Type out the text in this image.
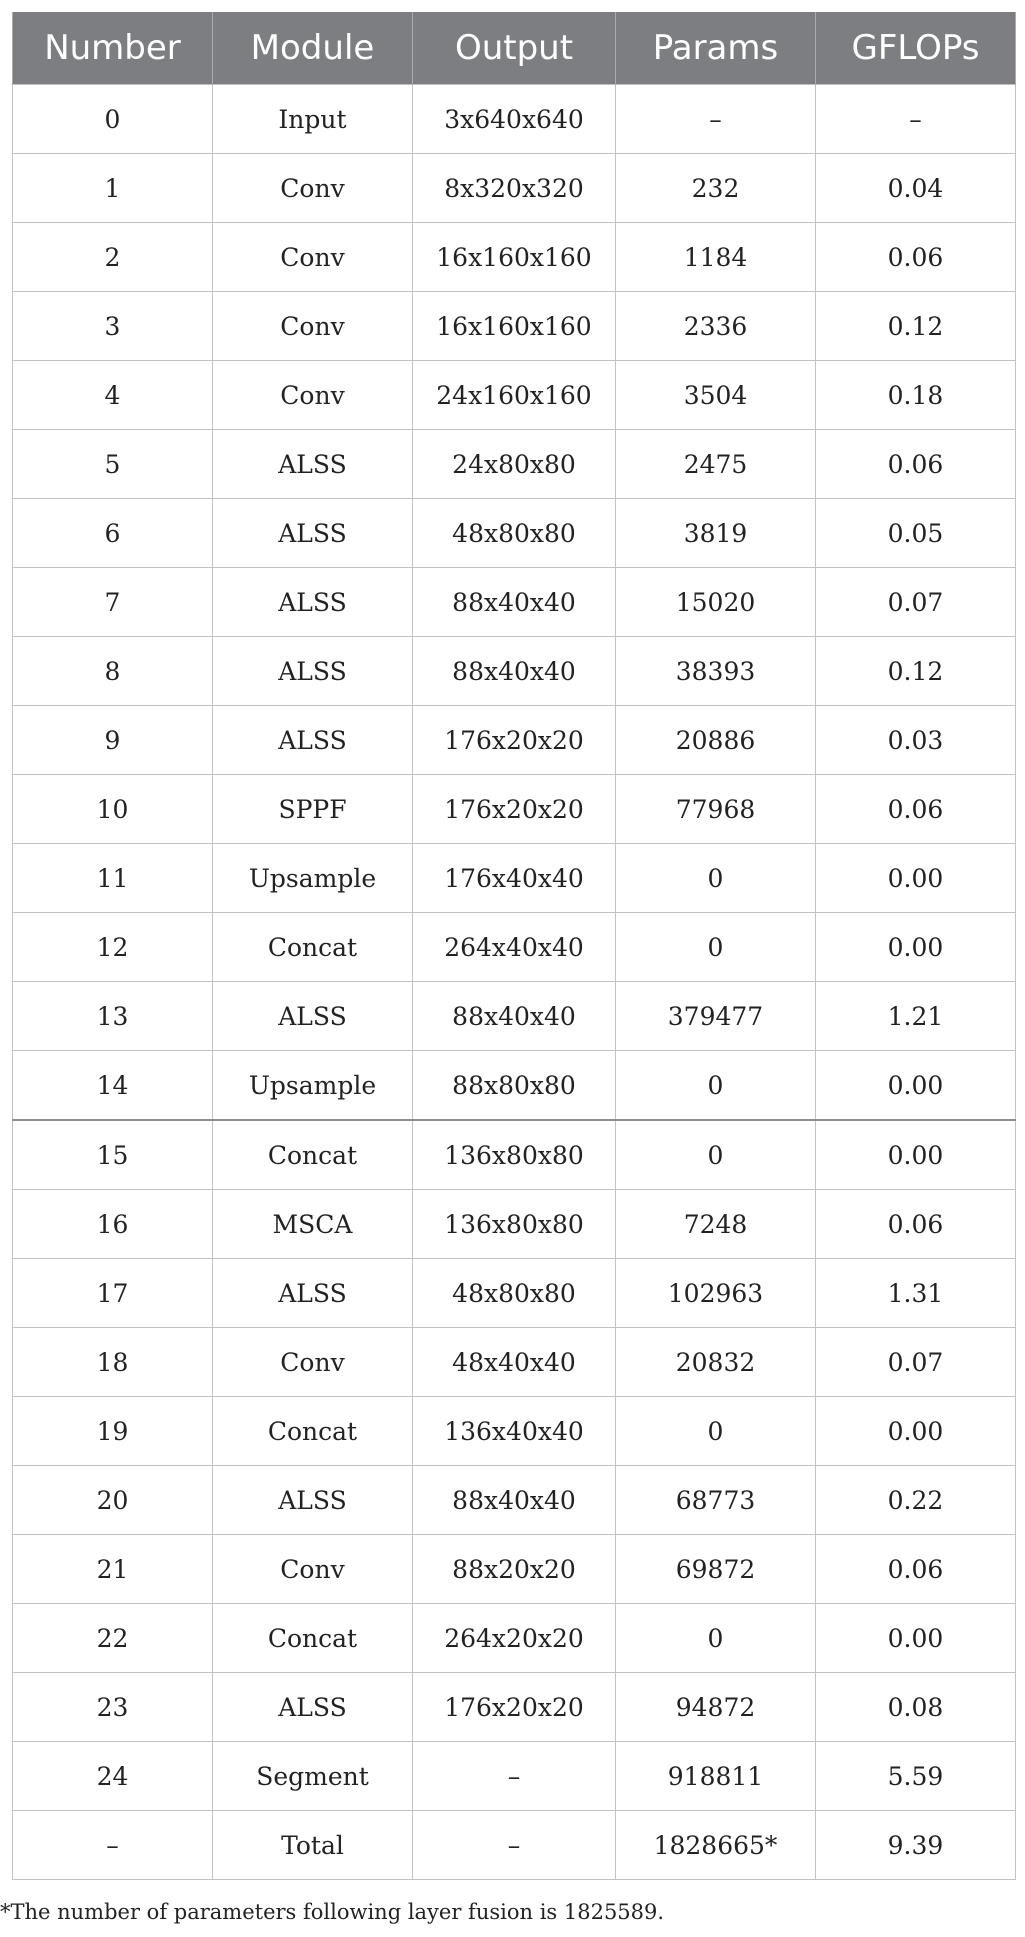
Number	Module	Output	Params	GFLOPs
0	Input	3x640x640	–	–
1	Conv	8x320x320	232	0.04
2	Conv	16x160x160	1184	0.06
3	Conv	16x160x160	2336	0.12
4	Conv	24x160x160	3504	0.18
5	ALSS	24x80x80	2475	0.06
6	ALSS	48x80x80	3819	0.05
7	ALSS	88x40x40	15020	0.07
8	ALSS	88x40x40	38393	0.12
9	ALSS	176x20x20	20886	0.03
10	SPPF	176x20x20	77968	0.06
11	Upsample	176x40x40	0	0.00
12	Concat	264x40x40	0	0.00
13	ALSS	88x40x40	379477	1.21
14	Upsample	88x80x80	0	0.00
15	Concat	136x80x80	0	0.00
16	MSCA	136x80x80	7248	0.06
17	ALSS	48x80x80	102963	1.31
18	Conv	48x40x40	20832	0.07
19	Concat	136x40x40	0	0.00
20	ALSS	88x40x40	68773	0.22
21	Conv	88x20x20	69872	0.06
22	Concat	264x20x20	0	0.00
23	ALSS	176x20x20	94872	0.08
24	Segment	–	918811	5.59
–	Total	–	1828665*	9.39
*The number of parameters following layer fusion is 1825589.
